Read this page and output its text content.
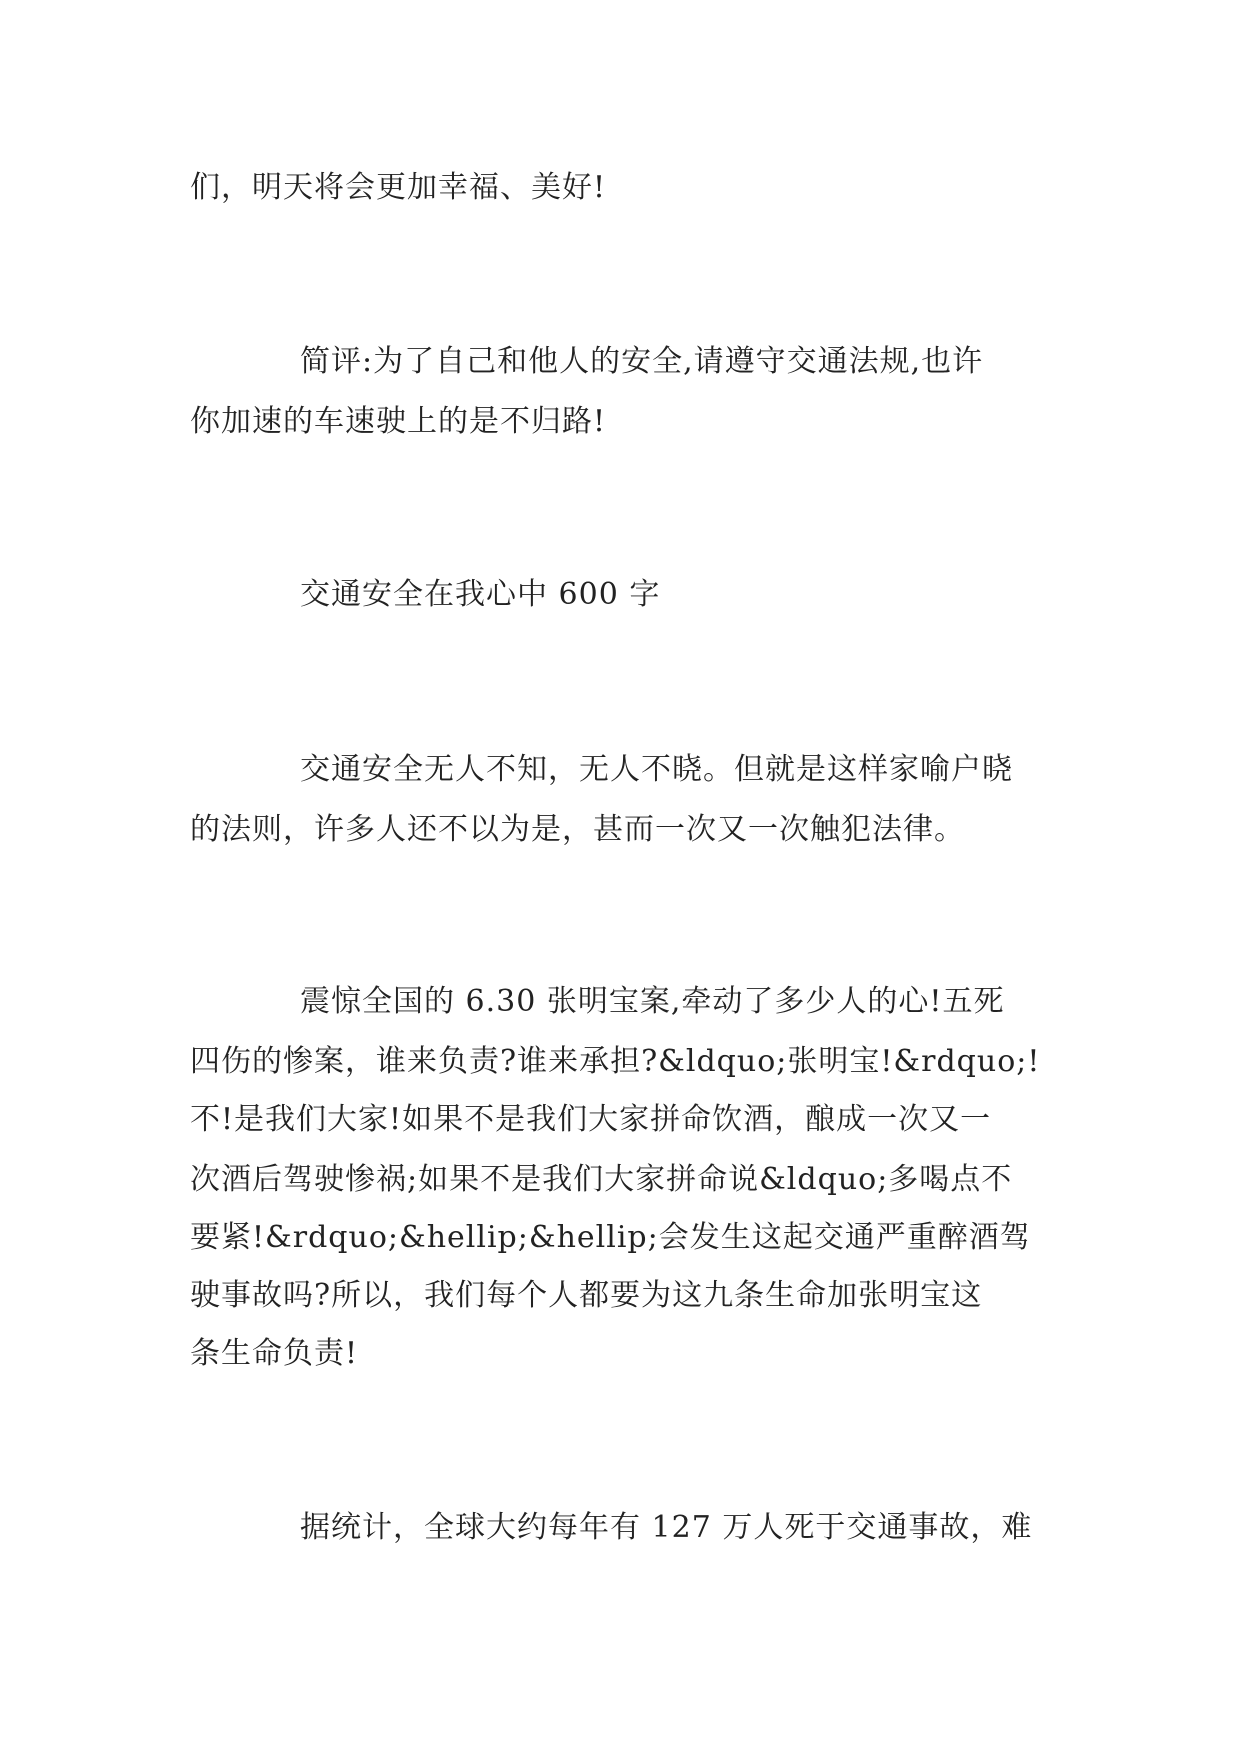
们，明天将会更加幸福、美好!
简评:为了自己和他人的安全,请遵守交通法规,也许
你加速的车速驶上的是不归路!
交通安全在我心中 600 字
交通安全无人不知，无人不晓。但就是这样家喻户晓
的法则，许多人还不以为是，甚而一次又一次触犯法律。
震惊全国的 6.30 张明宝案,牵动了多少人的心!五死
四伤的惨案，谁来负责?谁来承担?&ldquo;张明宝!&rdquo;!
不!是我们大家!如果不是我们大家拼命饮酒，酿成一次又一
次酒后驾驶惨祸;如果不是我们大家拼命说&ldquo;多喝点不
要紧!&rdquo;&hellip;&hellip;会发生这起交通严重醉酒驾
驶事故吗?所以，我们每个人都要为这九条生命加张明宝这
条生命负责!
据统计，全球大约每年有 127 万人死于交通事故，难
